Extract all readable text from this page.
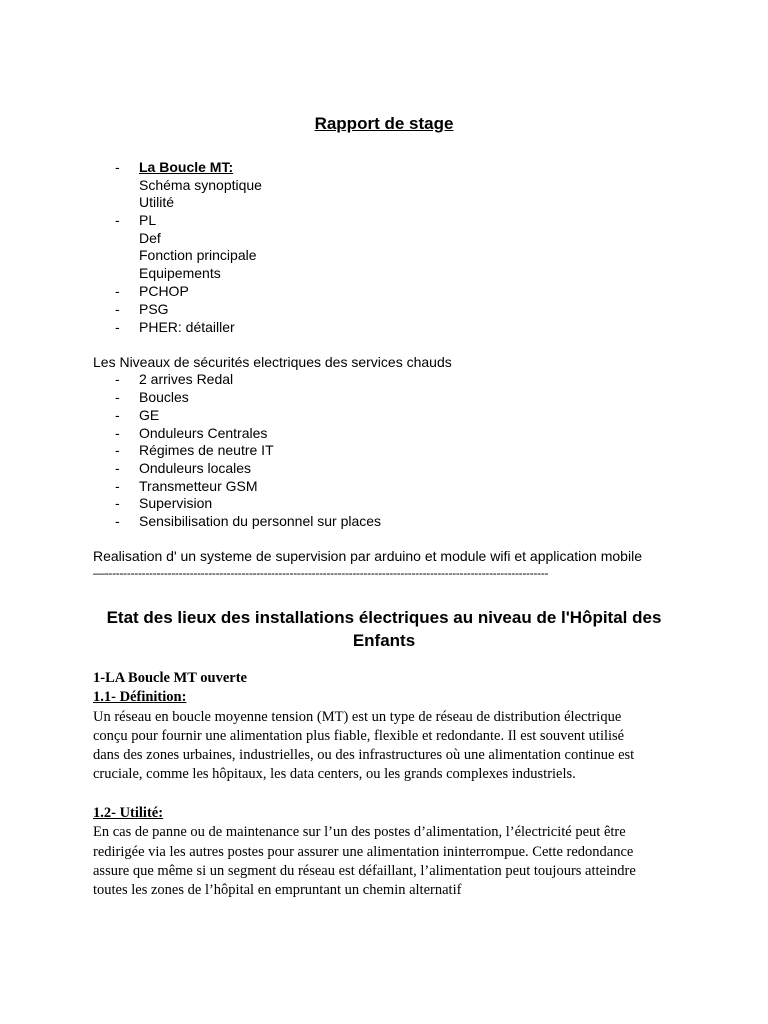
Rapport de stage
- La Boucle MT:
Schéma synoptique
Utilité
- PL
Def
Fonction principale
Equipements
- PCHOP
- PSG
- PHER: détailler
Les Niveaux de sécurités electriques des services chauds
- 2 arrives Redal
- Boucles
- GE
- Onduleurs Centrales
- Régimes de neutre IT
- Onduleurs locales
- Transmetteur GSM
- Supervision
- Sensibilisation du personnel sur places
Realisation d' un systeme de supervision par arduino et module wifi et application mobile
—------------------------------------------------------------------------------------------------------------------------
Etat des lieux des installations électriques au niveau de l'Hôpital des Enfants
1-LA Boucle MT ouverte
1.1- Définition:
Un réseau en boucle moyenne tension (MT) est un type de réseau de distribution électrique
conçu pour fournir une alimentation plus fiable, flexible et redondante. Il est souvent utilisé
dans des zones urbaines, industrielles, ou des infrastructures où une alimentation continue est
cruciale, comme les hôpitaux, les data centers, ou les grands complexes industriels.
1.2- Utilité:
En cas de panne ou de maintenance sur l’un des postes d’alimentation, l’électricité peut être
redirigée via les autres postes pour assurer une alimentation ininterrompue. Cette redondance
assure que même si un segment du réseau est défaillant, l’alimentation peut toujours atteindre
toutes les zones de l’hôpital en empruntant un chemin alternatif
